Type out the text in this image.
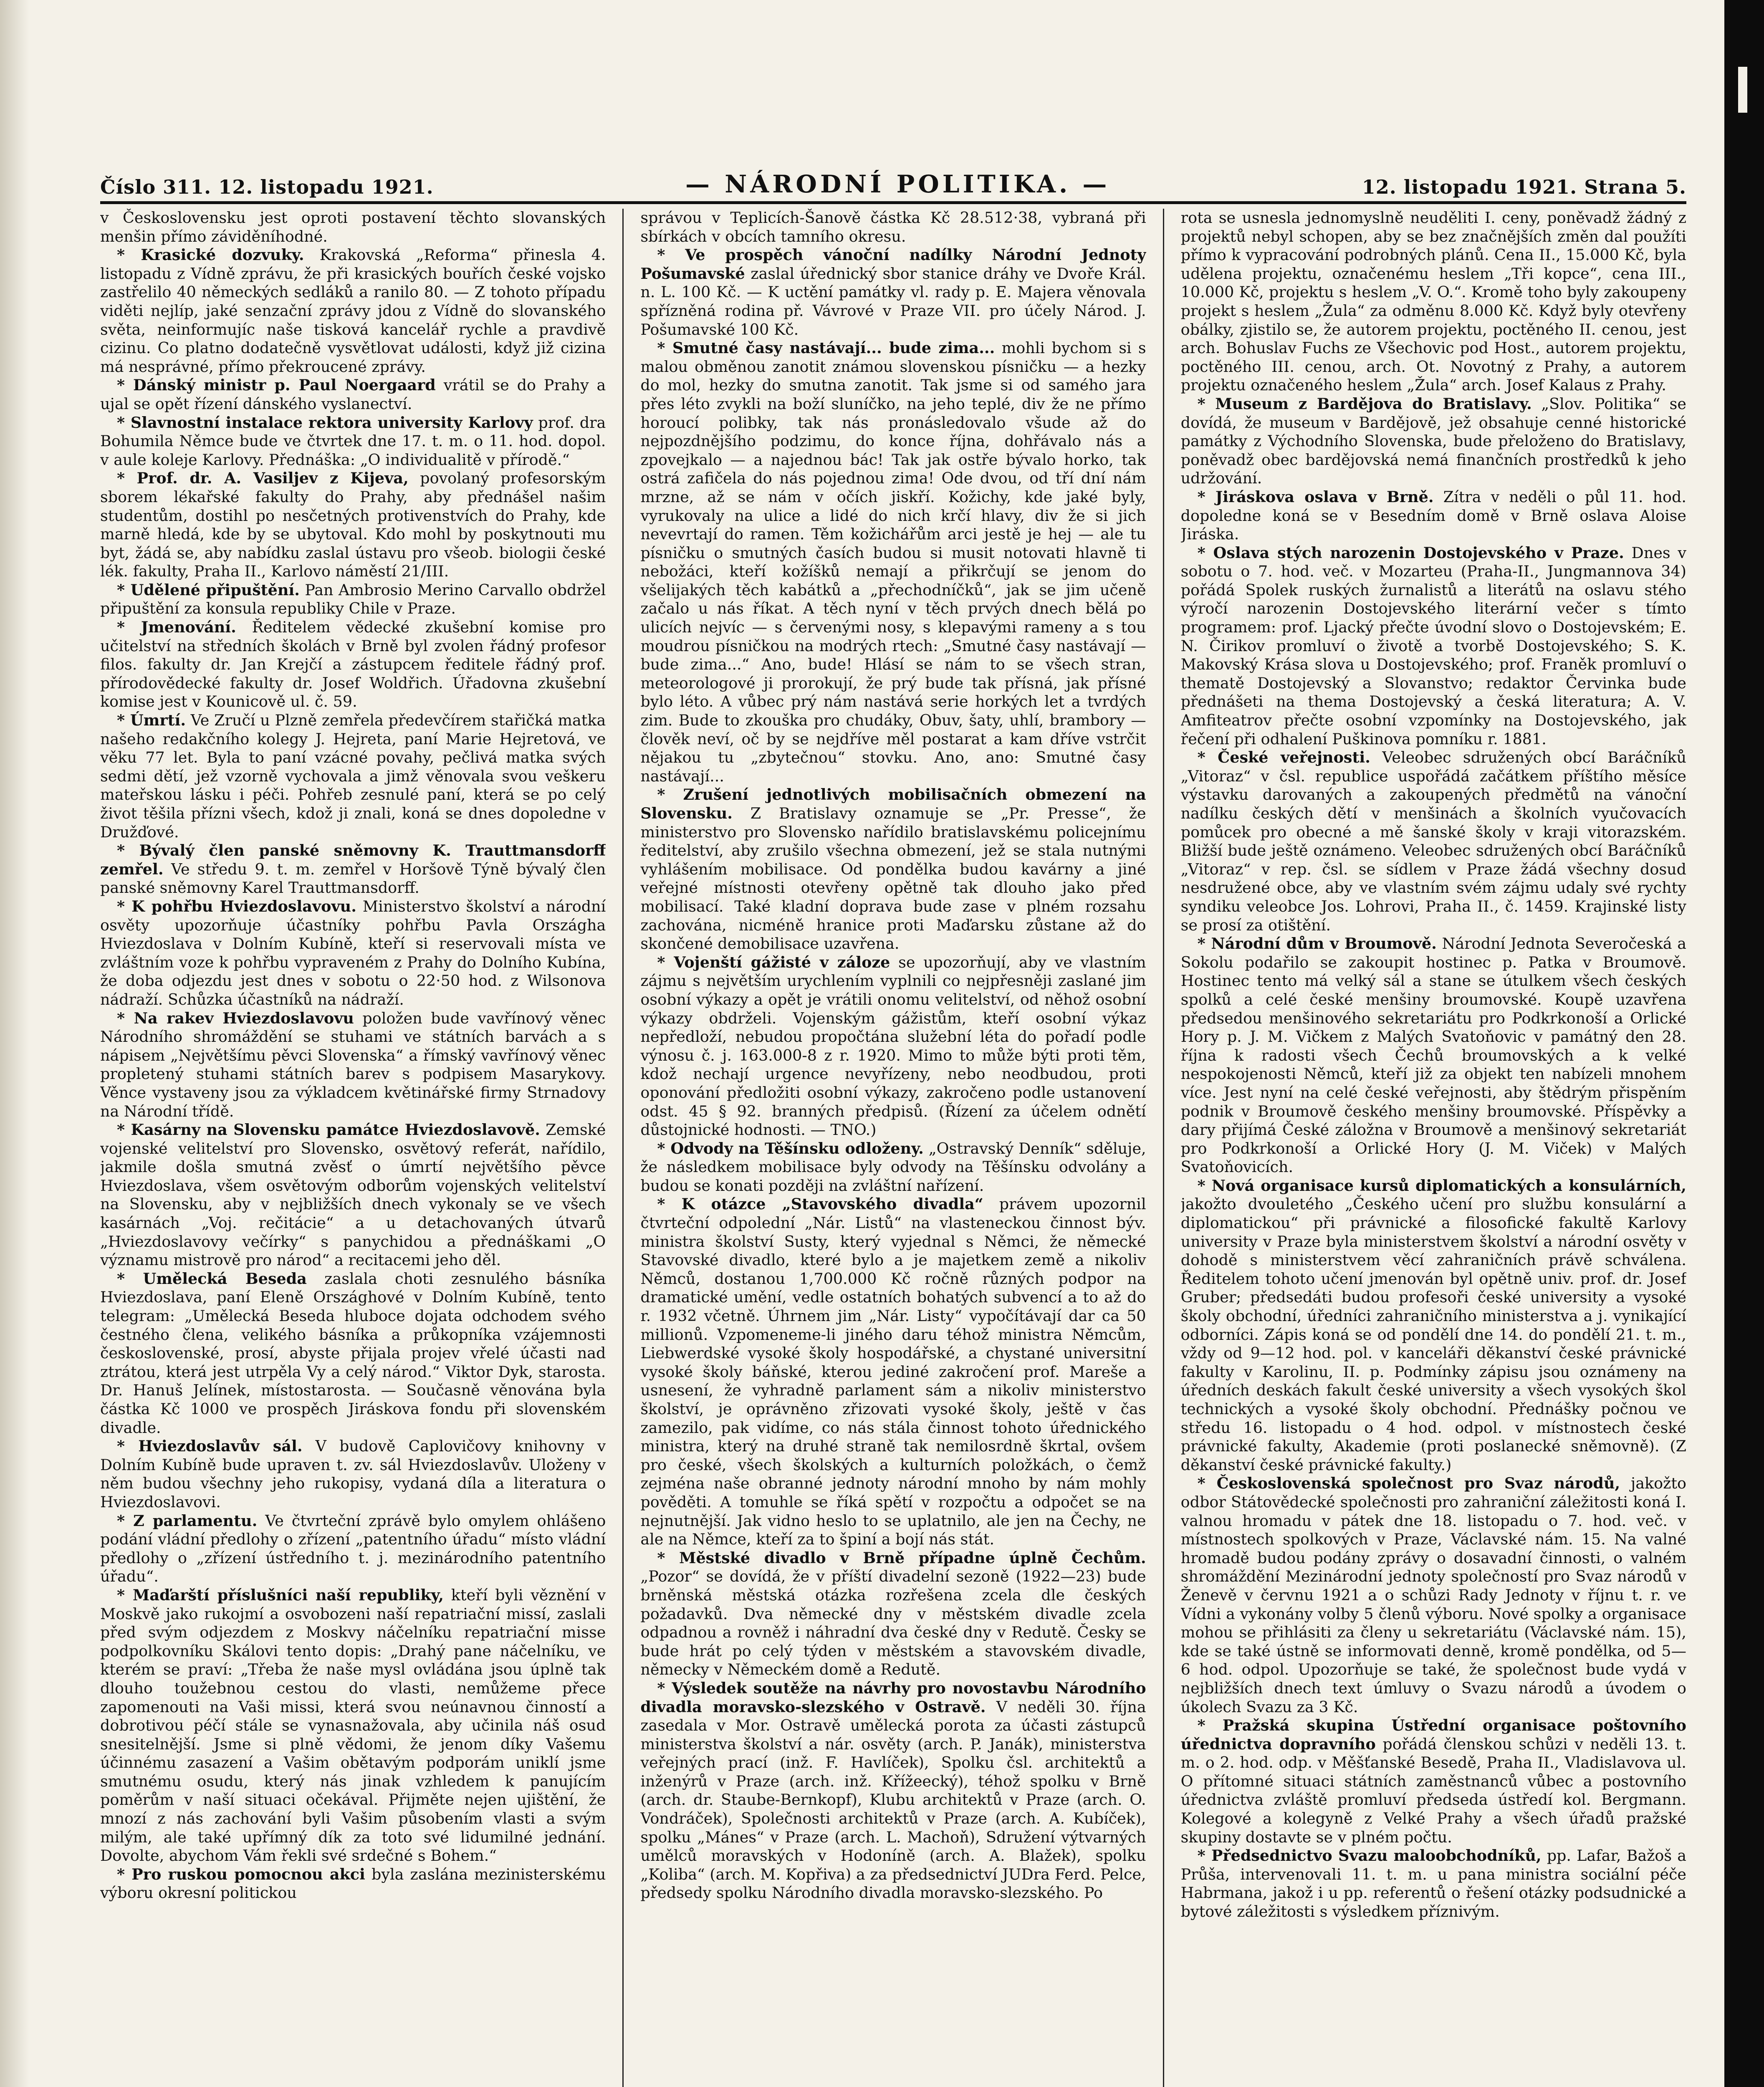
Číslo 311. 12. listopadu 1921.	— NÁRODNÍ POLITIKA. —	12. listopadu 1921. Strana 5.

v Československu jest oproti postavení těchto slovanských menšin přímo záviděníhodné.

* Krasické dozvuky. Krakovská „Reforma“ přinesla 4. listopadu z Vídně zprávu, že při krasických bouřích české vojsko zastřelilo 40 německých sedláků a ranilo 80. — Z tohoto případu viděti nejlíp, jaké senzační zprávy jdou z Vídně do slovanského světa, neinformujíc naše tisková kancelář rychle a pravdivě cizinu. Co platno dodatečně vysvětlovat události, když již cizina má nesprávné, přímo překroucené zprávy.

* Dánský ministr p. Paul Noergaard vrátil se do Prahy a ujal se opět řízení dánského vyslanectví.

* Slavnostní instalace rektora university Karlovy prof. dra Bohumila Němce bude ve čtvrtek dne 17. t. m. o 11. hod. dopol. v aule koleje Karlovy. Přednáška: „O individualitě v přírodě.“

* Prof. dr. A. Vasiljev z Kijeva, povolaný profesorským sborem lékařské fakulty do Prahy, aby přednášel našim studentům, dostihl po nesčetných protivenstvích do Prahy, kde marně hledá, kde by se ubytoval. Kdo mohl by poskytnouti mu byt, žádá se, aby nabídku zaslal ústavu pro všeob. biologii české lék. fakulty, Praha II., Karlovo náměstí 21/III.

* Udělené připuštění. Pan Ambrosio Merino Carvallo obdržel připuštění za konsula republiky Chile v Praze.

* Jmenování. Ředitelem vědecké zkušební komise pro učitelství na středních školách v Brně byl zvolen řádný profesor filos. fakulty dr. Jan Krejčí a zástupcem ředitele řádný prof. přírodovědecké fakulty dr. Josef Woldřich. Úřadovna zkušební komise jest v Kounicově ul. č. 59.

* Úmrtí. Ve Zručí u Plzně zemřela předevčírem stařičká matka našeho redakčního kolegy J. Hejreta, paní Marie Hejretová, ve věku 77 let. Byla to paní vzácné povahy, pečlivá matka svých sedmi dětí, jež vzorně vychovala a jimž věnovala svou veškeru mateřskou lásku i péči. Pohřeb zesnulé paní, která se po celý život těšila přízni všech, kdož ji znali, koná se dnes dopoledne v Družďové.

* Bývalý člen panské sněmovny K. Trauttmansdorff zemřel. Ve středu 9. t. m. zemřel v Horšově Týně bývalý člen panské sněmovny Karel Trauttmansdorff.

* K pohřbu Hviezdoslavovu. Ministerstvo školství a národní osvěty upozorňuje účastníky pohřbu Pavla Országha Hviezdoslava v Dolním Kubíně, kteří si reservovali místa ve zvláštním voze k pohřbu vypraveném z Prahy do Dolního Kubína, že doba odjezdu jest dnes v sobotu o 22·50 hod. z Wilsonova nádraží. Schůzka účastníků na nádraží.

* Na rakev Hviezdoslavovu položen bude vavřínový věnec Národního shromáždění se stuhami ve státních barvách a s nápisem „Největšímu pěvci Slovenska“ a římský vavřínový věnec propletený stuhami státních barev s podpisem Masarykovy. Věnce vystaveny jsou za výkladcem květinářské firmy Strnadovy na Národní třídě.

* Kasárny na Slovensku památce Hviezdoslavově. Zemské vojenské velitelství pro Slovensko, osvětový referát, nařídilo, jakmile došla smutná zvěsť o úmrtí největšího pěvce Hviezdoslava, všem osvětovým odborům vojenských velitelství na Slovensku, aby v nejbližších dnech vykonaly se ve všech kasárnách „Voj. rečitácie“ a u detachovaných útvarů „Hviezdoslavovy večírky“ s panychidou a přednáškami „O významu mistrově pro národ“ a recitacemi jeho děl.

* Umělecká Beseda zaslala choti zesnulého básníka Hviezdoslava, paní Eleně Országhové v Dolním Kubíně, tento telegram: „Umělecká Beseda hluboce dojata odchodem svého čestného člena, velikého básníka a průkopníka vzájemnosti československé, prosí, abyste přijala projev vřelé účasti nad ztrátou, která jest utrpěla Vy a celý národ.“ Viktor Dyk, starosta. Dr. Hanuš Jelínek, místostarosta. — Současně věnována byla částka Kč 1000 ve prospěch Jiráskova fondu při slovenském divadle.

* Hviezdoslavův sál. V budově Caplovičovy knihovny v Dolním Kubíně bude upraven t. zv. sál Hviezdoslavův. Uloženy v něm budou všechny jeho rukopisy, vydaná díla a literatura o Hviezdoslavovi.

* Z parlamentu. Ve čtvrteční zprávě bylo omylem ohlášeno podání vládní předlohy o zřízení „patentního úřadu“ místo vládní předlohy o „zřízení ústředního t. j. mezinárodního patentního úřadu“.

* Maďarští příslušníci naší republiky, kteří byli věznění v Moskvě jako rukojmí a osvobozeni naší repatriační missí, zaslali před svým odjezdem z Moskvy náčelníku repatriační misse podpolkovníku Skálovi tento dopis: „Drahý pane náčelníku, ve kterém se praví: „Třeba že naše mysl ovládána jsou úplně tak dlouho toužebnou cestou do vlasti, nemůžeme přece zapomenouti na Vaši missi, která svou neúnavnou činností a dobrotivou péčí stále se vynasnažovala, aby učinila náš osud snesitelnější. Jsme si plně vědomi, že jenom díky Vašemu účinnému zasazení a Vašim obětavým podporám uniklí jsme smutnému osudu, který nás jinak vzhledem k panujícím poměrům v naší situaci očekával. Přijměte nejen ujištění, že mnozí z nás zachování byli Vašim působením vlasti a svým milým, ale také upřímný dík za toto své lidumilné jednání. Dovolte, abychom Vám řekli své srdečné s Bohem.“

* Pro ruskou pomocnou akci byla zaslána mezinisterskému výboru okresní politickou

správou v Teplicích-Šanově částka Kč 28.512·38, vybraná při sbírkách v obcích tamního okresu.

* Ve prospěch vánoční nadílky Národní Jednoty Pošumavské zaslal úřednický sbor stanice dráhy ve Dvoře Král. n. L. 100 Kč. — K uctění památky vl. rady p. E. Majera věnovala spřízněná rodina př. Vávrové v Praze VII. pro účely Národ. J. Pošumavské 100 Kč.

* Smutné časy nastávají... bude zima... mohli bychom si s malou obměnou zanotit známou slovenskou písničku — a hezky do mol, hezky do smutna zanotit. Tak jsme si od samého jara přes léto zvykli na boží sluníčko, na jeho teplé, div že ne přímo horoucí polibky, tak nás pronásledovalo všude až do nejpozdnějšího podzimu, do konce října, dohřávalo nás a zpovejkalo — a najednou bác! Tak jak ostře bývalo horko, tak ostrá zafičela do nás pojednou zima! Ode dvou, od tří dní nám mrzne, až se nám v očích jiskří. Kožichy, kde jaké byly, vyrukovaly na ulice a lidé do nich krčí hlavy, div že si jich nevevrtají do ramen. Těm kožichářům arci jestě je hej — ale tu písničku o smutných časích budou si musit notovati hlavně ti nebožáci, kteří kožíšků nemají a přikrčují se jenom do všelijakých těch kabátků a „přechodníčků“, jak se jim učeně začalo u nás říkat. A těch nyní v těch prvých dnech bělá po ulicích nejvíc — s červenými nosy, s klepavými rameny a s tou moudrou písničkou na modrých rtech: „Smutné časy nastávají — bude zima...“ Ano, bude! Hlásí se nám to se všech stran, meteorologové ji prorokují, že prý bude tak přísná, jak přísné bylo léto. A vůbec prý nám nastává serie horkých let a tvrdých zim. Bude to zkouška pro chudáky, Obuv, šaty, uhlí, brambory — člověk neví, oč by se nejdříve měl postarat a kam dříve vstrčit nějakou tu „zbytečnou“ stovku. Ano, ano: Smutné časy nastávají...

* Zrušení jednotlivých mobilisačních obmezení na Slovensku. Z Bratislavy oznamuje se „Pr. Presse“, že ministerstvo pro Slovensko nařídilo bratislavskému policejnímu ředitelství, aby zrušilo všechna obmezení, jež se stala nutnými vyhlášením mobilisace. Od pondělka budou kavárny a jiné veřejné místnosti otevřeny opětně tak dlouho jako před mobilisací. Také kladní doprava bude zase v plném rozsahu zachována, nicméně hranice proti Maďarsku zůstane až do skončené demobilisace uzavřena.

* Vojenští gážisté v záloze se upozorňují, aby ve vlastním zájmu s největším urychlením vyplnili co nejpřesněji zaslané jim osobní výkazy a opět je vrátili onomu velitelství, od něhož osobní výkazy obdrželi. Vojenským gážistům, kteří osobní výkaz nepředloží, nebudou propočtána služební léta do pořadí podle výnosu č. j. 163.000-8 z r. 1920. Mimo to může býti proti těm, kdož nechají urgence nevyřízeny, nebo neodbudou, proti oponování předložiti osobní výkazy, zakročeno podle ustanovení odst. 45 § 92. branných předpisů. (Řízení za účelem odnětí důstojnické hodnosti. — TNO.)

* Odvody na Těšínsku odloženy. „Ostravský Denník“ sděluje, že následkem mobilisace byly odvody na Těšínsku odvolány a budou se konati později na zvláštní nařízení.

* K otázce „Stavovského divadla“ právem upozornil čtvrteční odpolední „Nár. Listů“ na vlasteneckou činnost býv. ministra školství Susty, který vyjednal s Němci, že německé Stavovské divadlo, které bylo a je majetkem země a nikoliv Němců, dostanou 1,700.000 Kč ročně různých podpor na dramatické umění, vedle ostatních bohatých subvencí a to až do r. 1932 včetně. Úhrnem jim „Nár. Listy“ vypočítávají dar ca 50 millionů. Vzpomeneme-li jiného daru téhož ministra Němcům, Liebwerdské vysoké školy hospodářské, a chystané universitní vysoké školy báňské, kterou jediné zakročení prof. Mareše a usnesení, že vyhradně parlament sám a nikoliv ministerstvo školství, je oprávněno zřizovati vysoké školy, ještě v čas zamezilo, pak vidíme, co nás stála činnost tohoto úřednického ministra, který na druhé straně tak nemilosrdně škrtal, ovšem pro české, všech školských a kulturních položkách, o čemž zejména naše obranné jednoty národní mnoho by nám mohly pověděti. A tomuhle se říká spětí v rozpočtu a odpočet se na nejnutnější. Jak vidno heslo to se uplatnilo, ale jen na Čechy, ne ale na Němce, kteří za to špiní a bojí nás stát.

* Městské divadlo v Brně případne úplně Čechům. „Pozor“ se dovídá, že v příští divadelní sezoně (1922—23) bude brněnská městská otázka rozřešena zcela dle českých požadavků. Dva německé dny v městském divadle zcela odpadnou a rovněž i náhradní dva české dny v Redutě. Česky se bude hrát po celý týden v městském a stavovském divadle, německy v Německém domě a Redutě.

* Výsledek soutěže na návrhy pro novostavbu Národního divadla moravsko-slezského v Ostravě. V neděli 30. října zasedala v Mor. Ostravě umělecká porota za účasti zástupců ministerstva školství a nár. osvěty (arch. P. Janák), ministerstva veřejných prací (inž. F. Havlíček), Spolku čsl. architektů a inženýrů v Praze (arch. inž. Křížeecký), téhož spolku v Brně (arch. dr. Staube-Bernkopf), Klubu architektů v Praze (arch. O. Vondráček), Společnosti architektů v Praze (arch. A. Kubíček), spolku „Mánes“ v Praze (arch. L. Machoň), Sdružení výtvarných umělců moravských v Hodoníně (arch. A. Blažek), spolku „Koliba“ (arch. M. Kopřiva) a za předsednictví JUDra Ferd. Pelce, předsedy spolku Národního divadla moravsko-slezského. Po

rota se usnesla jednomyslně neuděliti I. ceny, poněvadž žádný z projektů nebyl schopen, aby se bez značnějších změn dal použíti přímo k vypracování podrobných plánů. Cena II., 15.000 Kč, byla udělena projektu, označenému heslem „Tři kopce“, cena III., 10.000 Kč, projektu s heslem „V. O.“. Kromě toho byly zakoupeny projekt s heslem „Žula“ za odměnu 8.000 Kč. Když byly otevřeny obálky, zjistilo se, že autorem projektu, poctěného II. cenou, jest arch. Bohuslav Fuchs ze Všechovic pod Host., autorem projektu, poctěného III. cenou, arch. Ot. Novotný z Prahy, a autorem projektu označeného heslem „Žula“ arch. Josef Kalaus z Prahy.

* Museum z Bardějova do Bratislavy. „Slov. Politika“ se dovídá, že museum v Bardějově, jež obsahuje cenné historické památky z Východního Slovenska, bude přeloženo do Bratislavy, poněvadž obec bardějovská nemá finančních prostředků k jeho udržování.

* Jiráskova oslava v Brně. Zítra v neděli o půl 11. hod. dopoledne koná se v Besedním domě v Brně oslava Aloise Jiráska.

* Oslava stých narozenin Dostojevského v Praze. Dnes v sobotu o 7. hod. več. v Mozarteu (Praha-II., Jungmannova 34) pořádá Spolek ruských žurnalistů a literátů na oslavu stého výročí narozenin Dostojevského literární večer s tímto programem: prof. Ljacký přečte úvodní slovo o Dostojevském; E. N. Čirikov promluví o životě a tvorbě Dostojevského; S. K. Makovský Krása slova u Dostojevského; prof. Franěk promluví o thematě Dostojevský a Slovanstvo; redaktor Červinka bude přednášeti na thema Dostojevský a česká literatura; A. V. Amfiteatrov přečte osobní vzpomínky na Dostojevského, jak řečení při odhalení Puškinova pomníku r. 1881.

* České veřejnosti. Veleobec sdružených obcí Baráčníků „Vitoraz“ v čsl. republice uspořádá začátkem příštího měsíce výstavku darovaných a zakoupených předmětů na vánoční nadílku českých dětí v menšinách a školních vyučovacích pomůcek pro obecné a mě šanské školy v kraji vitorazském. Bližší bude ještě oznámeno. Veleobec sdružených obcí Baráčníků „Vitoraz“ v rep. čsl. se sídlem v Praze žádá všechny dosud nesdružené obce, aby ve vlastním svém zájmu udaly své rychty syndiku veleobce Jos. Lohrovi, Praha II., č. 1459. Krajinské listy se prosí za otištění.

* Národní dům v Broumově. Národní Jednota Severočeská a Sokolu podařilo se zakoupit hostinec p. Patka v Broumově. Hostinec tento má velký sál a stane se útulkem všech českých spolků a celé české menšiny broumovské. Koupě uzavřena předsedou menšinového sekretariátu pro Podkrkonoší a Orlické Hory p. J. M. Vičkem z Malých Svatoňovic v památný den 28. října k radosti všech Čechů broumovských a k velké nespokojenosti Němců, kteří již za objekt ten nabízeli mnohem více. Jest nyní na celé české veřejnosti, aby štědrým přispěním podnik v Broumově českého menšiny broumovské. Příspěvky a dary přijímá České záložna v Broumově a menšinový sekretariát pro Podkrkonoší a Orlické Hory (J. M. Viček) v Malých Svatoňovicích.

* Nová organisace kursů diplomatických a konsulárních, jakožto dvouletého „Českého učení pro službu konsulární a diplomatickou“ při právnické a filosofické fakultě Karlovy university v Praze byla ministerstvem školství a národní osvěty v dohodě s ministerstvem věcí zahraničních právě schválena. Ředitelem tohoto učení jmenován byl opětně univ. prof. dr. Josef Gruber; předsedáti budou profesoři české university a vysoké školy obchodní, úředníci zahraničního ministerstva a j. vynikající odborníci. Zápis koná se od pondělí dne 14. do pondělí 21. t. m., vždy od 9—12 hod. pol. v kanceláři děkanství české právnické fakulty v Karolinu, II. p. Podmínky zápisu jsou oznámeny na úředních deskách fakult české university a všech vysokých škol technických a vysoké školy obchodní. Přednášky počnou ve středu 16. listopadu o 4 hod. odpol. v místnostech české právnické fakulty, Akademie (proti poslanecké sněmovně). (Z děkanství české právnické fakulty.)

* Československá společnost pro Svaz národů, jakožto odbor Státovědecké společnosti pro zahraniční záležitosti koná I. valnou hromadu v pátek dne 18. listopadu o 7. hod. več. v místnostech spolkových v Praze, Václavské nám. 15. Na valné hromadě budou podány zprávy o dosavadní činnosti, o valném shromáždění Mezinárodní jednoty společností pro Svaz národů v Ženevě v červnu 1921 a o schůzi Rady Jednoty v říjnu t. r. ve Vídni a vykonány volby 5 členů výboru. Nové spolky a organisace mohou se přihlásiti za členy u sekretariátu (Václavské nám. 15), kde se také ústně se informovati denně, kromě pondělka, od 5—6 hod. odpol. Upozorňuje se také, že společnost bude vydá v nejbližších dnech text úmluvy o Svazu národů a úvodem o úkolech Svazu za 3 Kč.

* Pražská skupina Ústřední organisace poštovního úřednictva dopravního pořádá členskou schůzi v neděli 13. t. m. o 2. hod. odp. v Měšťanské Besedě, Praha II., Vladislavova ul. O přítomné situaci státních zaměstnanců vůbec a postovního úřednictva zvláště promluví předseda ústředí kol. Bergmann. Kolegové a kolegyně z Velké Prahy a všech úřadů pražské skupiny dostavte se v plném počtu.

* Předsednictvo Svazu maloobchodníků, pp. Lafar, Bažoš a Průša, intervenovali 11. t. m. u pana ministra sociální péče Habrmana, jakož i u pp. referentů o řešení otázky podsudnické a bytové záležitosti s výsledkem příznivým.
